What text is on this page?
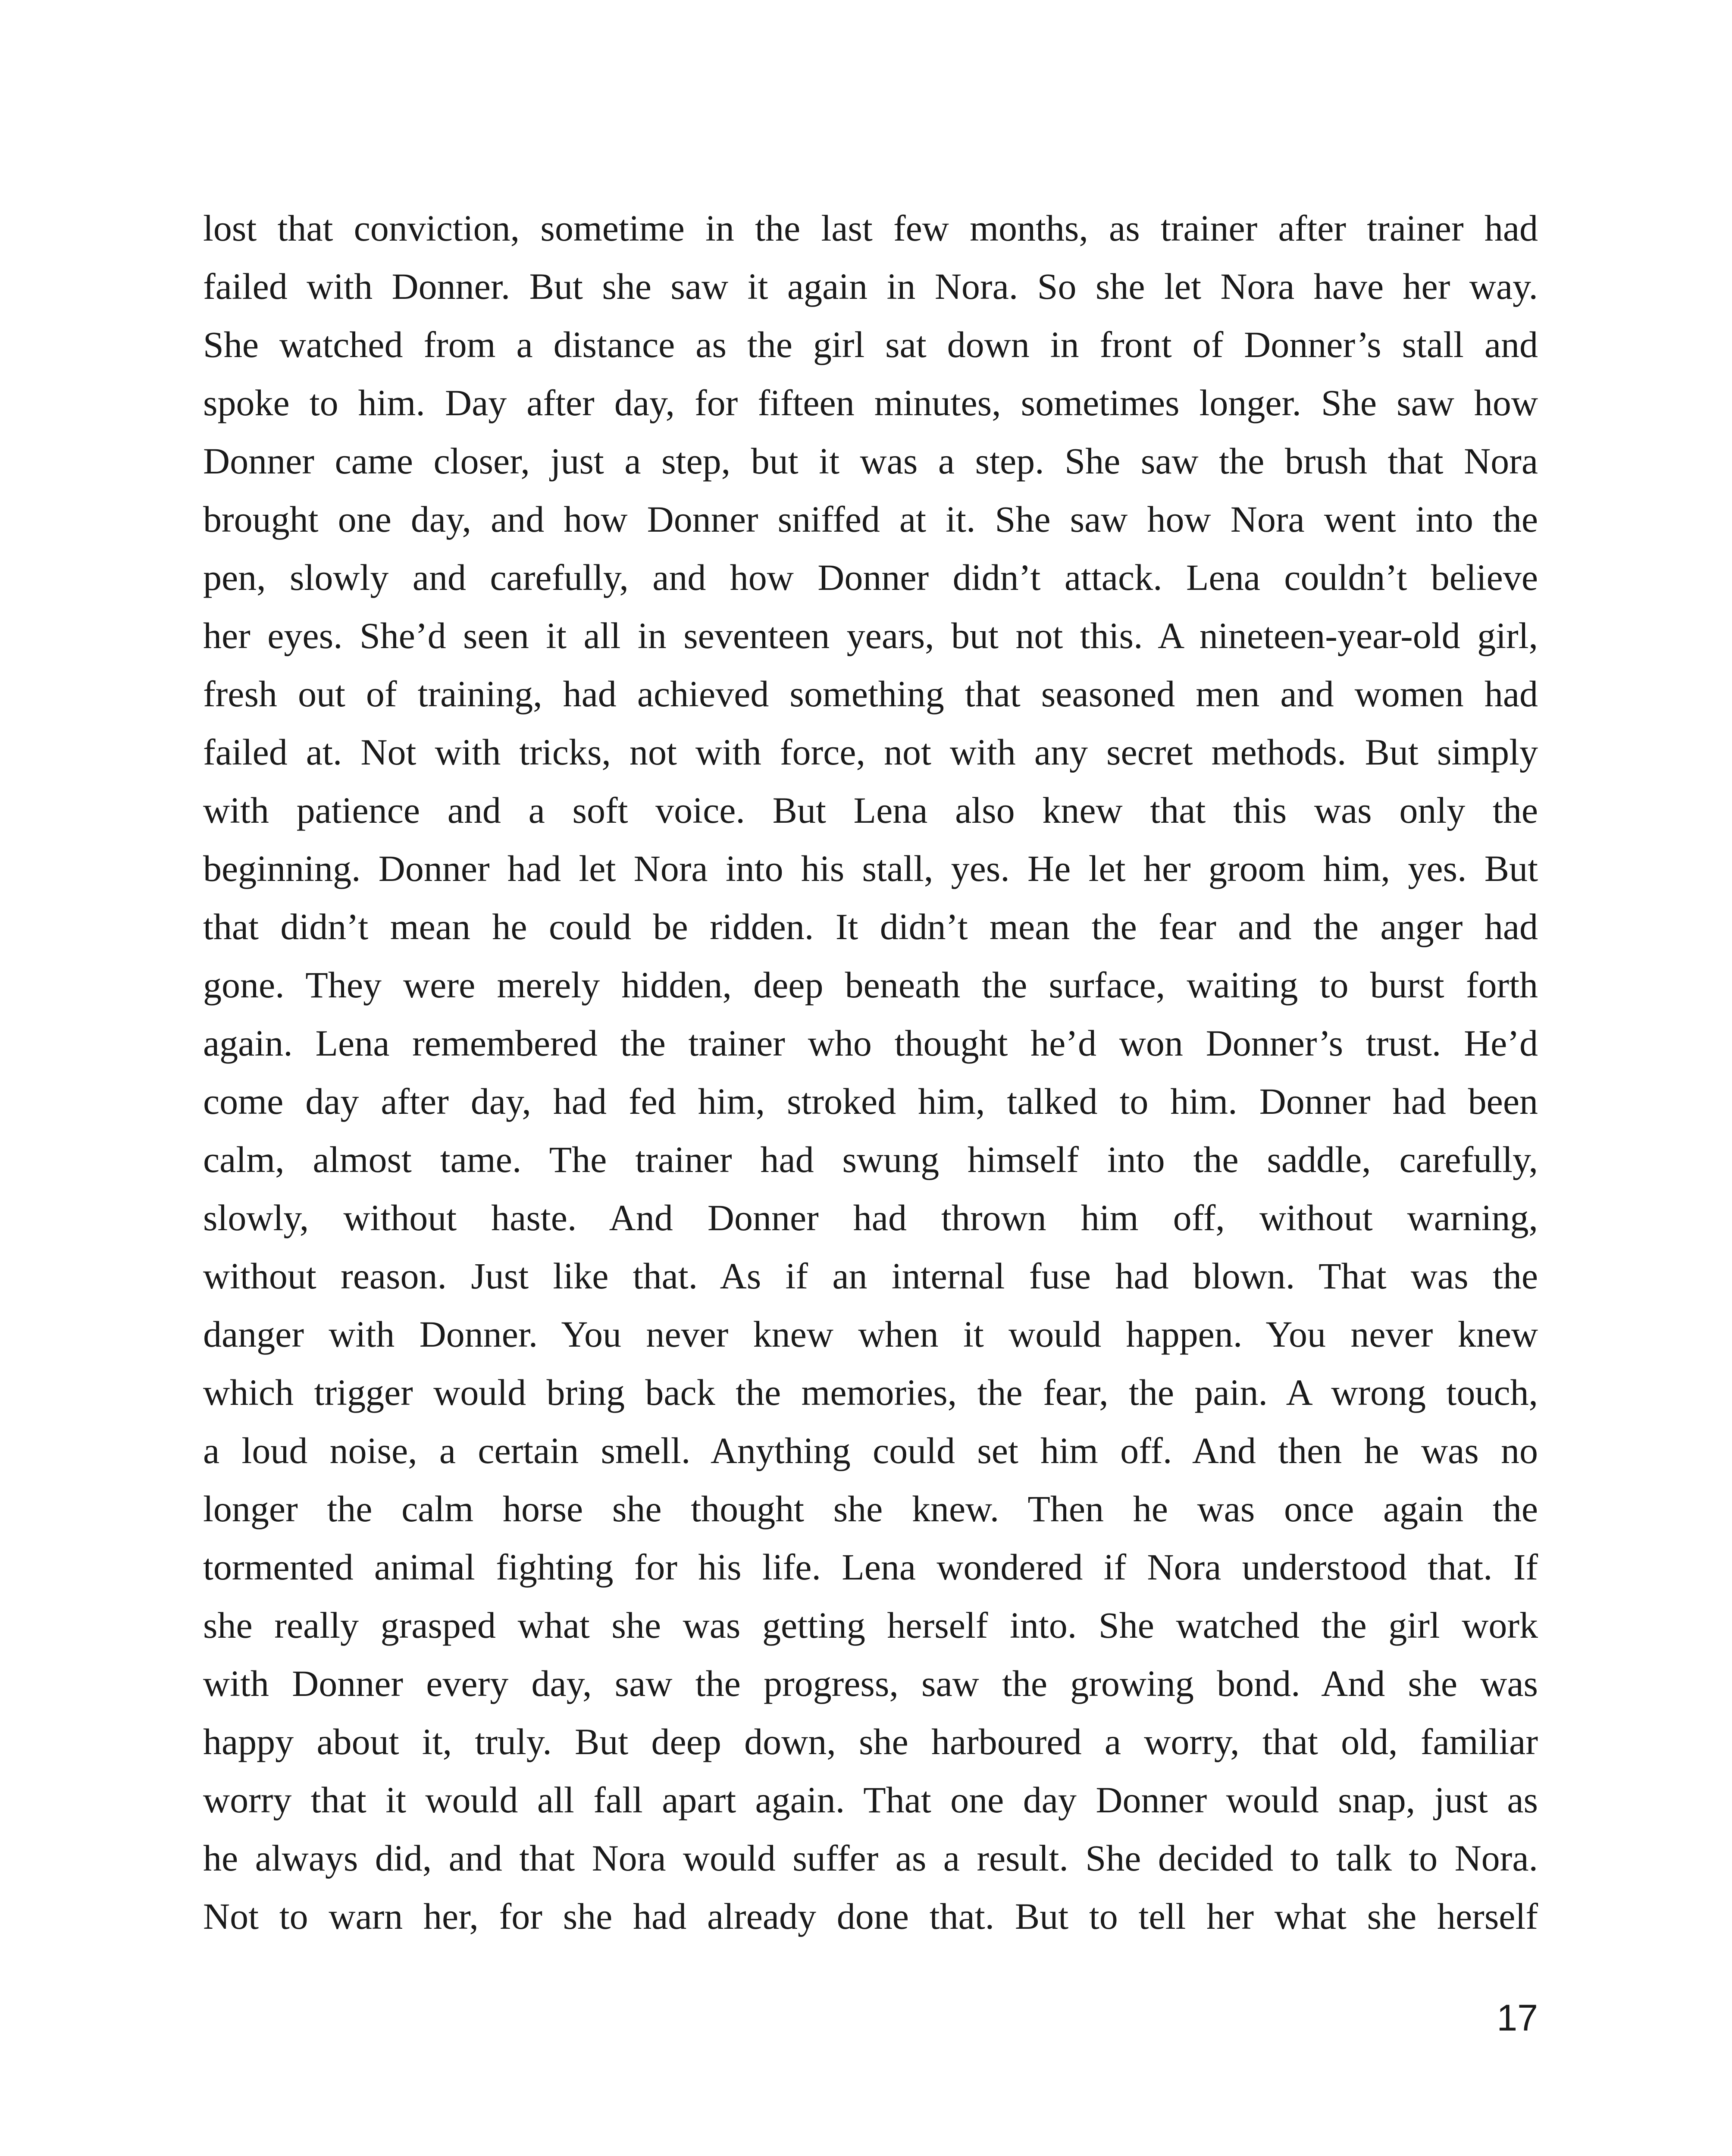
lost that conviction, sometime in the last few months, as trainer after trainer had
failed with Donner. But she saw it again in Nora. So she let Nora have her way.
She watched from a distance as the girl sat down in front of Donner’s stall and
spoke to him. Day after day, for fifteen minutes, sometimes longer. She saw how
Donner came closer, just a step, but it was a step. She saw the brush that Nora
brought one day, and how Donner sniffed at it. She saw how Nora went into the
pen, slowly and carefully, and how Donner didn’t attack. Lena couldn’t believe
her eyes. She’d seen it all in seventeen years, but not this. A nineteen-year-old girl,
fresh out of training, had achieved something that seasoned men and women had
failed at. Not with tricks, not with force, not with any secret methods. But simply
with patience and a soft voice. But Lena also knew that this was only the
beginning. Donner had let Nora into his stall, yes. He let her groom him, yes. But
that didn’t mean he could be ridden. It didn’t mean the fear and the anger had
gone. They were merely hidden, deep beneath the surface, waiting to burst forth
again. Lena remembered the trainer who thought he’d won Donner’s trust. He’d
come day after day, had fed him, stroked him, talked to him. Donner had been
calm, almost tame. The trainer had swung himself into the saddle, carefully,
slowly, without haste. And Donner had thrown him off, without warning,
without reason. Just like that. As if an internal fuse had blown. That was the
danger with Donner. You never knew when it would happen. You never knew
which trigger would bring back the memories, the fear, the pain. A wrong touch,
a loud noise, a certain smell. Anything could set him off. And then he was no
longer the calm horse she thought she knew. Then he was once again the
tormented animal fighting for his life. Lena wondered if Nora understood that. If
she really grasped what she was getting herself into. She watched the girl work
with Donner every day, saw the progress, saw the growing bond. And she was
happy about it, truly. But deep down, she harboured a worry, that old, familiar
worry that it would all fall apart again. That one day Donner would snap, just as
he always did, and that Nora would suffer as a result. She decided to talk to Nora.
Not to warn her, for she had already done that. But to tell her what she herself
17
